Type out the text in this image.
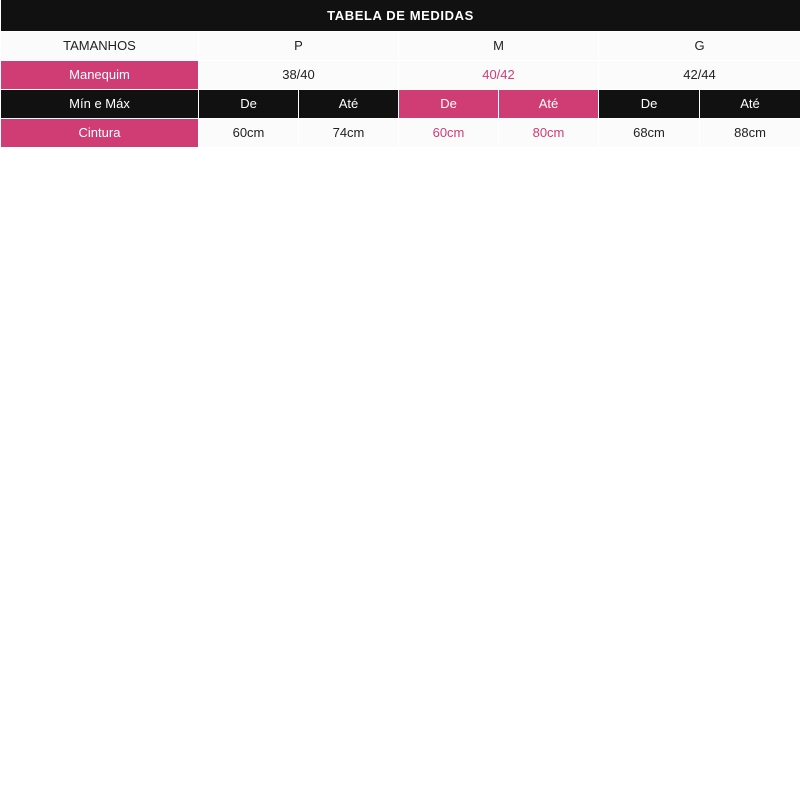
TABELA DE MEDIDAS						
TAMANHOS	P		M		G	
Manequim	38/40		40/42		42/44	
Mín e Máx	De	Até	De	Até	De	Até
Cintura	60cm	74cm	60cm	80cm	68cm	88cm
